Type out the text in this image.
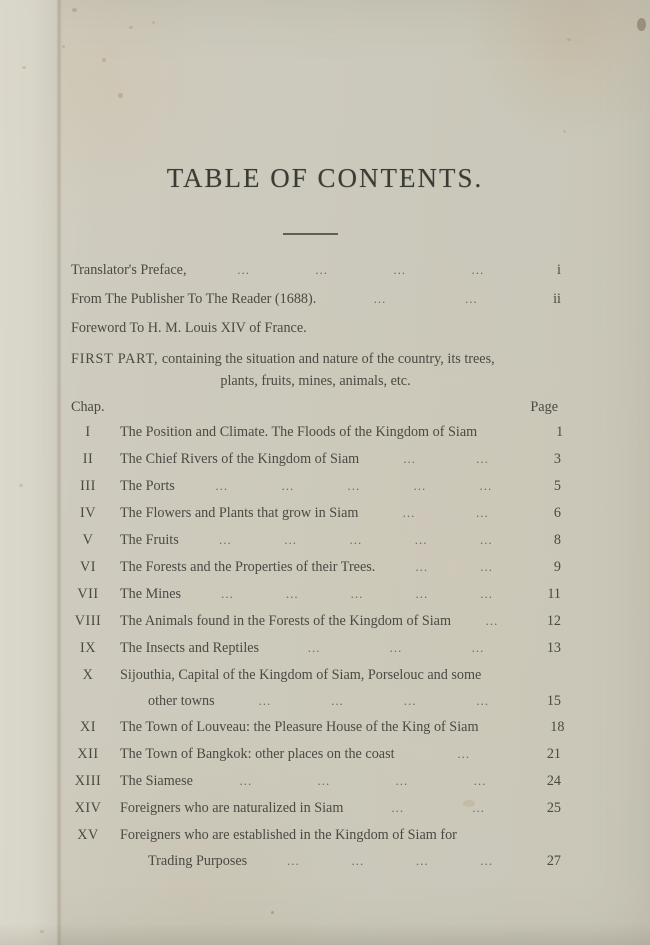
TABLE OF CONTENTS.
Translator's Preface,	...	...	...	...	i
From The Publisher To The Reader (1688).	...	...	ii
Foreword To H. M. Louis XIV of France.
FIRST PART, containing the situation and nature of the country, its trees,
plants, fruits, mines, animals, etc.
Chap.	Page
I	The Position and Climate. The Floods of the Kingdom of Siam	1
II	The Chief Rivers of the Kingdom of Siam	...	...	3
III	The Ports	...	...	...	...	...	5
IV	The Flowers and Plants that grow in Siam	...	...	6
V	The Fruits	...	...	...	...	...	8
VI	The Forests and the Properties of their Trees.	...	...	9
VII	The Mines	...	...	...	...	...	11
VIII	The Animals found in the Forests of the Kingdom of Siam	...	12
IX	The Insects and Reptiles	...	...	...	13
X	Sijouthia, Capital of the Kingdom of Siam, Porselouc and some
other towns	...	...	...	...	15
XI	The Town of Louveau: the Pleasure House of the King of Siam	18
XII	The Town of Bangkok: other places on the coast	...	21
XIII	The Siamese	...	...	...	...	24
XIV	Foreigners who are naturalized in Siam	...	...	25
XV	Foreigners who are established in the Kingdom of Siam for
Trading Purposes	...	...	...	...	27
